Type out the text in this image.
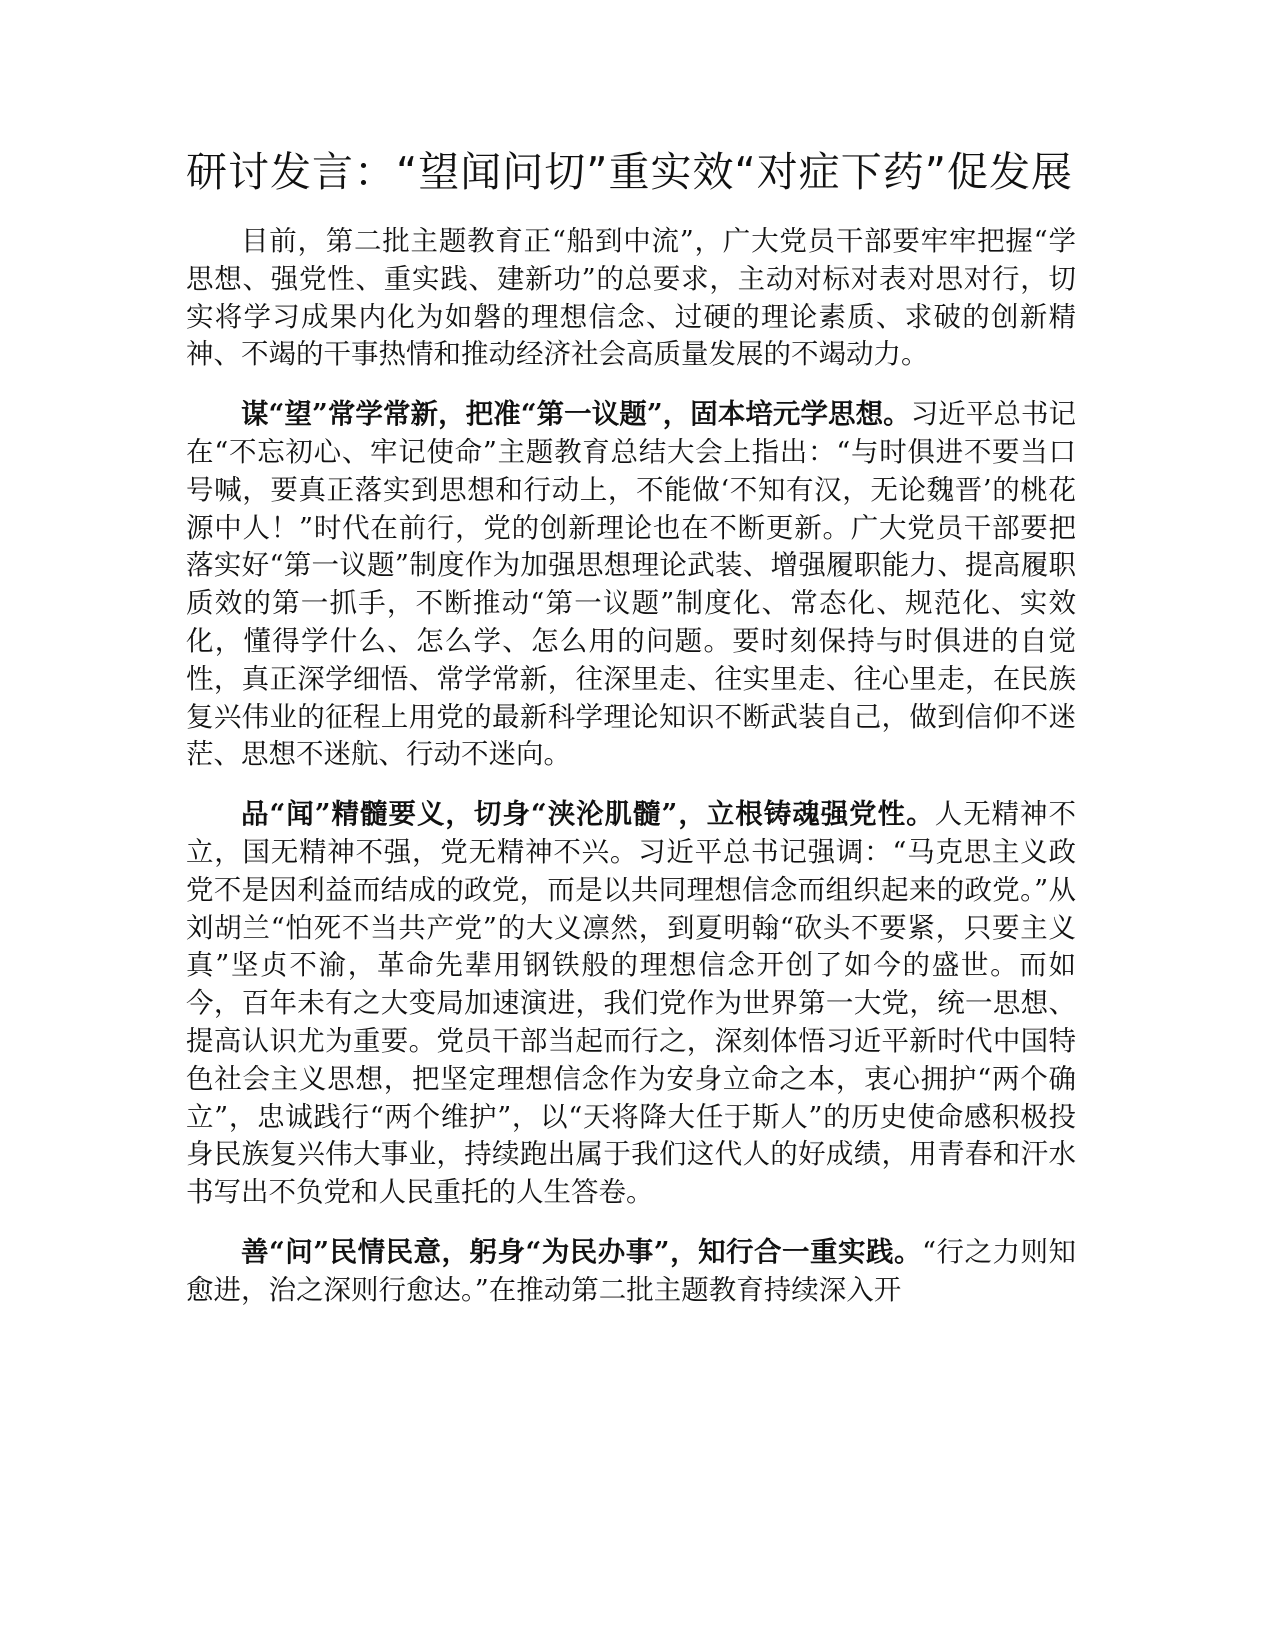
研讨发言：“望闻问切”重实效“对症下药”促发展

目前，第二批主题教育正“船到中流”，广大党员干部要牢牢把握“学思想、强党性、重实践、建新功”的总要求，主动对标对表对思对行，切实将学习成果内化为如磐的理想信念、过硬的理论素质、求破的创新精神、不竭的干事热情和推动经济社会高质量发展的不竭动力。

谋“望”常学常新，把准“第一议题”，固本培元学思想。习近平总书记在“不忘初心、牢记使命”主题教育总结大会上指出：“与时俱进不要当口号喊，要真正落实到思想和行动上，不能做‘不知有汉，无论魏晋’的桃花源中人！”时代在前行，党的创新理论也在不断更新。广大党员干部要把落实好“第一议题”制度作为加强思想理论武装、增强履职能力、提高履职质效的第一抓手，不断推动“第一议题”制度化、常态化、规范化、实效化，懂得学什么、怎么学、怎么用的问题。要时刻保持与时俱进的自觉性，真正深学细悟、常学常新，往深里走、往实里走、往心里走，在民族复兴伟业的征程上用党的最新科学理论知识不断武装自己，做到信仰不迷茫、思想不迷航、行动不迷向。

品“闻”精髓要义，切身“浃沦肌髓”，立根铸魂强党性。人无精神不立，国无精神不强，党无精神不兴。习近平总书记强调：“马克思主义政党不是因利益而结成的政党，而是以共同理想信念而组织起来的政党。”从刘胡兰“怕死不当共产党”的大义凛然，到夏明翰“砍头不要紧，只要主义真”坚贞不渝，革命先辈用钢铁般的理想信念开创了如今的盛世。而如今，百年未有之大变局加速演进，我们党作为世界第一大党，统一思想、提高认识尤为重要。党员干部当起而行之，深刻体悟习近平新时代中国特色社会主义思想，把坚定理想信念作为安身立命之本，衷心拥护“两个确立”，忠诚践行“两个维护”，以“天将降大任于斯人”的历史使命感积极投身民族复兴伟大事业，持续跑出属于我们这代人的好成绩，用青春和汗水书写出不负党和人民重托的人生答卷。

善“问”民情民意，躬身“为民办事”，知行合一重实践。“行之力则知愈进，治之深则行愈达。”在推动第二批主题教育持续深入开
